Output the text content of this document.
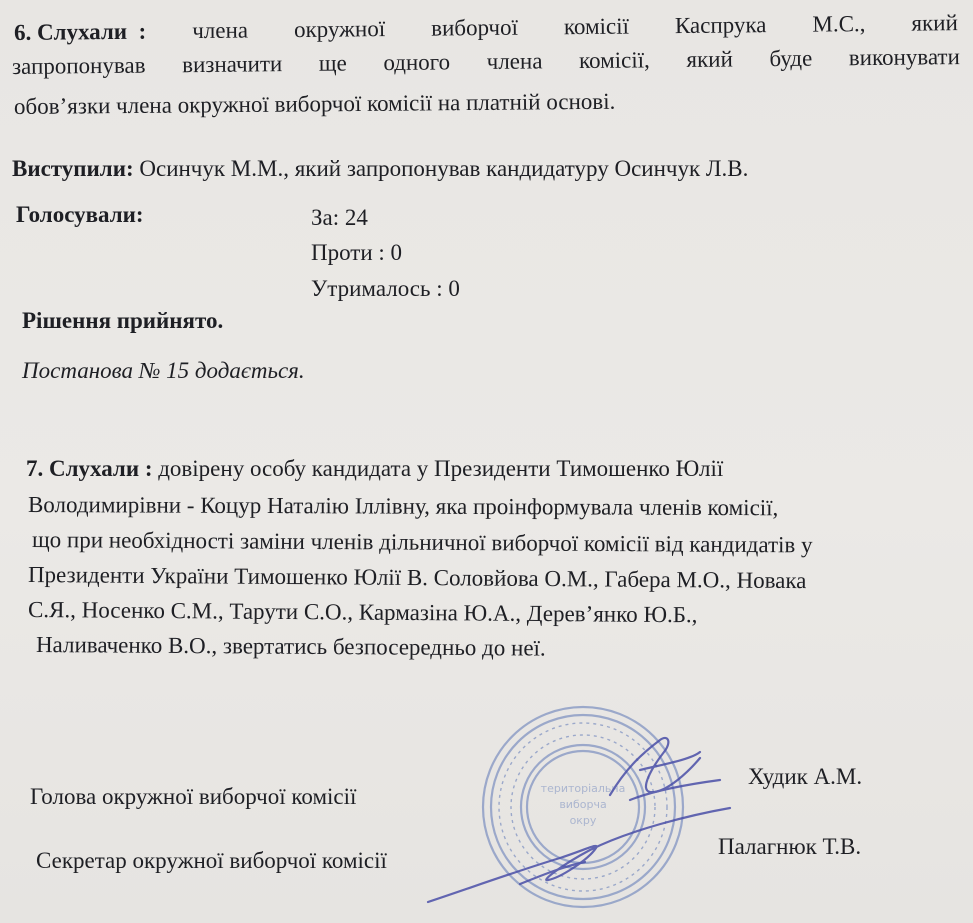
6. Слухали : члена окружної виборчої комісії Каспрука М.С., який
запропонував визначити ще одного члена комісії, який буде виконувати
обов’язки члена окружної виборчої комісії на платній основі.
Виступили: Осинчук М.М., який запропонував кандидатуру Осинчук Л.В.
Голосували:	За: 24
Проти : 0
Утрималось : 0
Рішення прийнято.
Постанова № 15 додається.
7. Слухали : довірену особу кандидата у Президенти Тимошенко Юлії
Володимирівни - Коцур Наталію Іллівну, яка проінформувала членів комісії,
що при необхідності заміни членів дільничної виборчої комісії від кандидатів у
Президенти України Тимошенко Юлії В. Соловйова О.М., Габера М.О., Новака
С.Я., Носенко С.М., Тарути С.О., Кармазіна Ю.А., Дерев’янко Ю.Б.,
Наливаченко В.О., звертатись безпосередньо до неї.
територіальна
виборча
окру
Голова окружної виборчої комісії
Худик А.М.
Секретар окружної виборчої комісії
Палагнюк Т.В.
